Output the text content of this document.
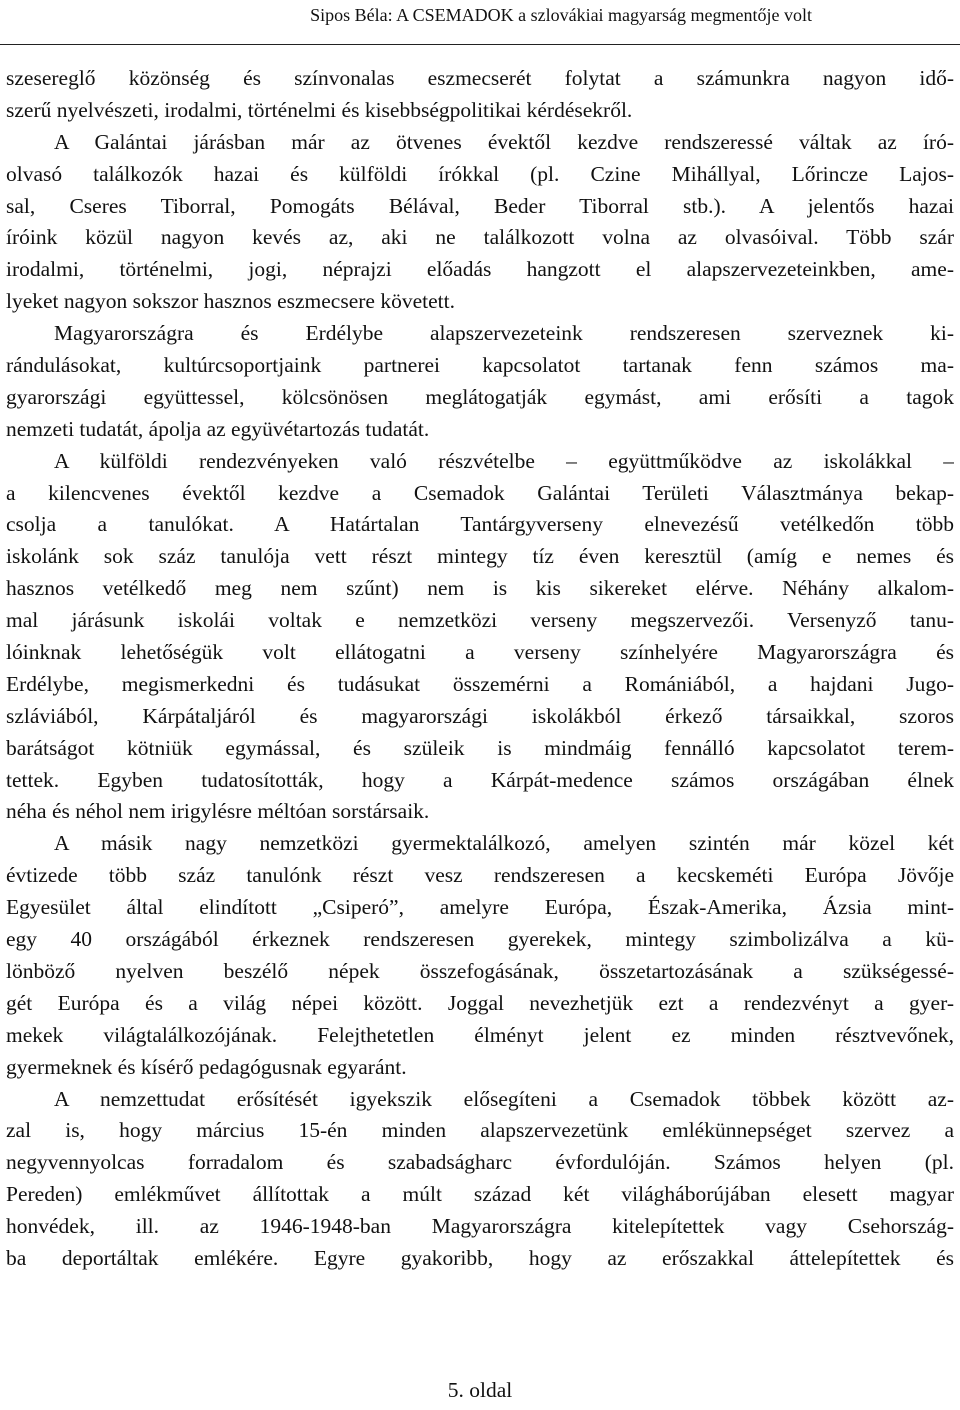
Sipos Béla: A CSEMADOK a szlovákiai magyarság megmentője volt
szesereglő közönség és színvonalas eszmecserét folytat a számunkra nagyon idő-
szerű nyelvészeti, irodalmi, történelmi és kisebbségpolitikai kérdésekről.
A Galántai járásban már az ötvenes évektől kezdve rendszeressé váltak az író-
olvasó találkozók hazai és külföldi írókkal (pl. Czine Mihállyal, Lőrincze Lajos-
sal, Cseres Tiborral, Pomogáts Bélával, Beder Tiborral stb.). A jelentős hazai
íróink közül nagyon kevés az, aki ne találkozott volna az olvasóival. Több szár
irodalmi, történelmi, jogi, néprajzi előadás hangzott el alapszervezeteinkben, ame-
lyeket nagyon sokszor hasznos eszmecsere követett.
Magyarországra és Erdélybe alapszervezeteink rendszeresen szerveznek ki-
rándulásokat, kultúrcsoportjaink partnerei kapcsolatot tartanak fenn számos ma-
gyarországi együttessel, kölcsönösen meglátogatják egymást, ami erősíti a tagok
nemzeti tudatát, ápolja az együvétartozás tudatát.
A külföldi rendezvényeken való részvételbe – együttműködve az iskolákkal –
a kilencvenes évektől kezdve a Csemadok Galántai Területi Választmánya bekap-
csolja a tanulókat. A Határtalan Tantárgyverseny elnevezésű vetélkedőn több
iskolánk sok száz tanulója vett részt mintegy tíz éven keresztül (amíg e nemes és
hasznos vetélkedő meg nem szűnt) nem is kis sikereket elérve. Néhány alkalom-
mal járásunk iskolái voltak e nemzetközi verseny megszervezői. Versenyző tanu-
lóinknak lehetőségük volt ellátogatni a verseny színhelyére Magyarországra és
Erdélybe, megismerkedni és tudásukat összemérni a Romániából, a hajdani Jugo-
szláviából, Kárpátaljáról és magyarországi iskolákból érkező társaikkal, szoros
barátságot kötniük egymással, és szüleik is mindmáig fennálló kapcsolatot terem-
tettek. Egyben tudatosították, hogy a Kárpát-medence számos országában élnek
néha és néhol nem irigylésre méltóan sorstársaik.
A másik nagy nemzetközi gyermektalálkozó, amelyen szintén már közel két
évtizede több száz tanulónk részt vesz rendszeresen a kecskeméti Európa Jövője
Egyesület által elindított „Csiperó”, amelyre Európa, Észak-Amerika, Ázsia mint-
egy 40 országából érkeznek rendszeresen gyerekek, mintegy szimbolizálva a kü-
lönböző nyelven beszélő népek összefogásának, összetartozásának a szükségessé-
gét Európa és a világ népei között. Joggal nevezhetjük ezt a rendezvényt a gyer-
mekek világtalálkozójának. Felejthetetlen élményt jelent ez minden résztvevőnek,
gyermeknek és kísérő pedagógusnak egyaránt.
A nemzettudat erősítését igyekszik elősegíteni a Csemadok többek között az-
zal is, hogy március 15-én minden alapszervezetünk emlékünnepséget szervez a
negyvennyolcas forradalom és szabadságharc évfordulóján. Számos helyen (pl.
Pereden) emlékművet állítottak a múlt század két világháborújában elesett magyar
honvédek, ill. az 1946-1948-ban Magyarországra kitelepítettek vagy Csehország-
ba deportáltak emlékére. Egyre gyakoribb, hogy az erőszakkal áttelepítettek és
5. oldal
